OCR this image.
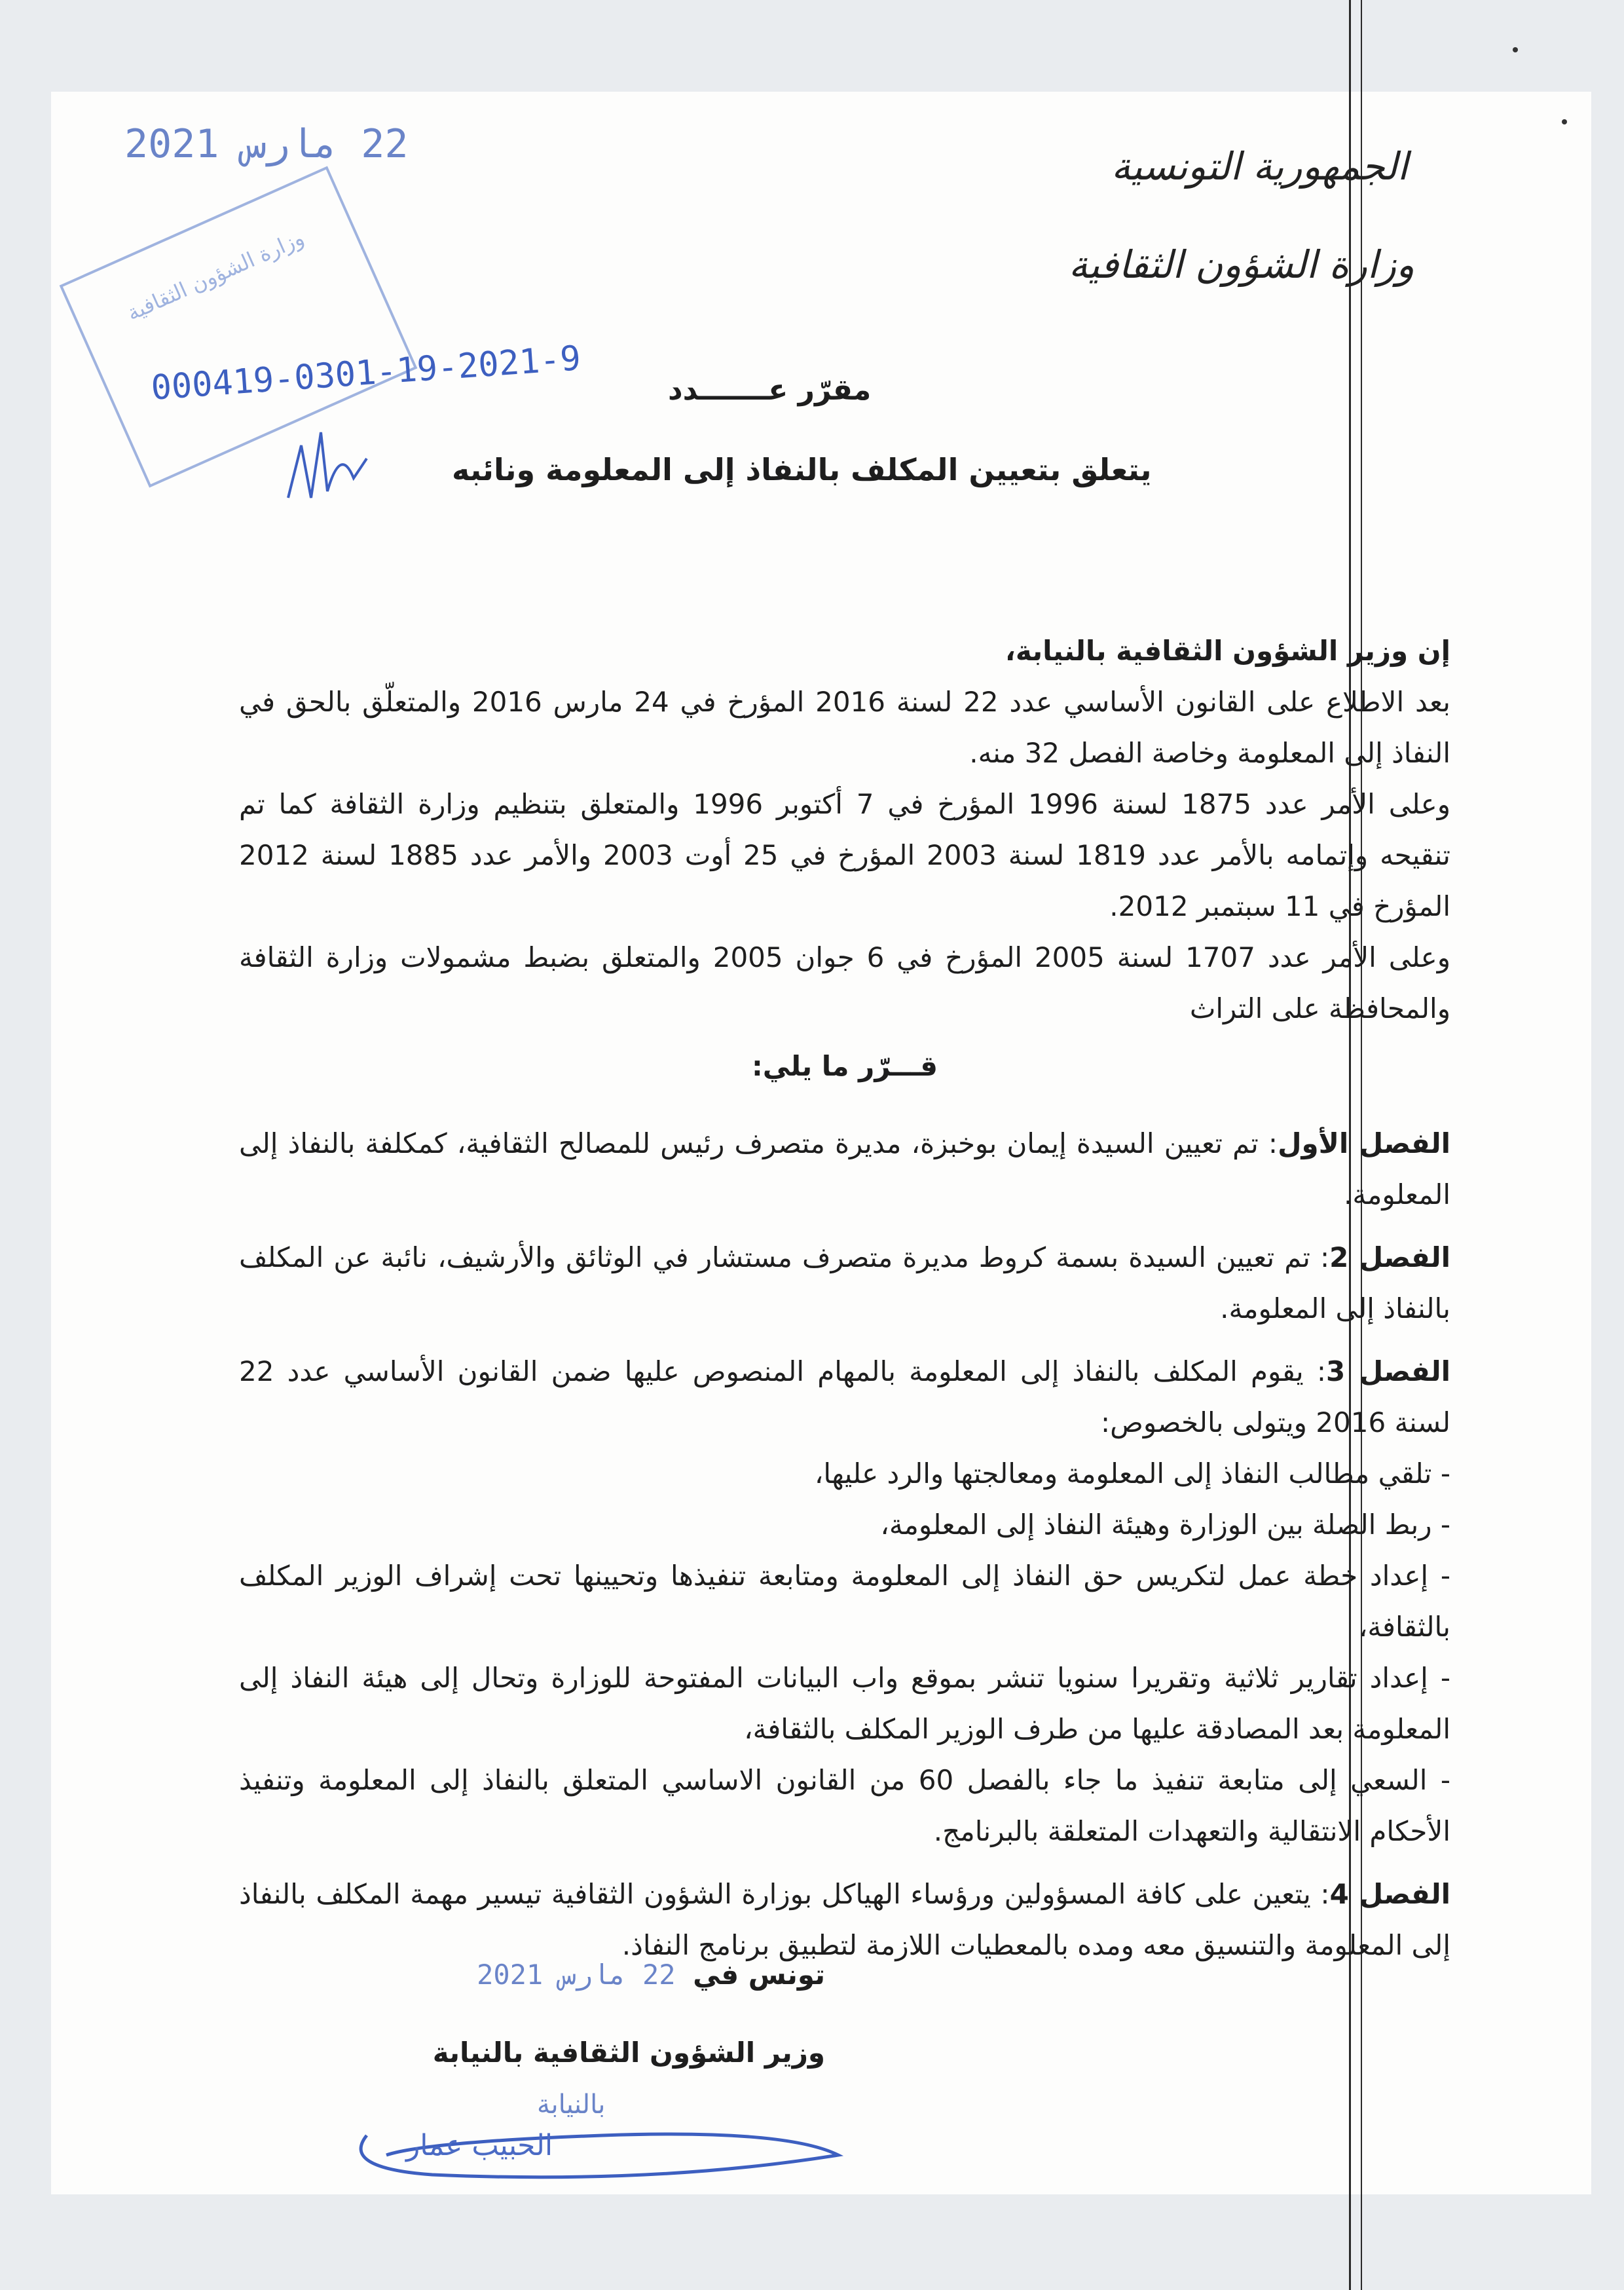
الجمهورية التونسية
وزارة الشؤون الثقافية
22 مارس 2021
وزارة الشؤون الثقافية
000419-0301-19-2021-9	مقرّر عـــــــدد
يتعلق بتعيين المكلف بالنفاذ إلى المعلومة ونائبه

إن وزير الشؤون الثقافية بالنيابة،

بعد الاطلاع على القانون الأساسي عدد 22 لسنة 2016 المؤرخ في 24 مارس 2016 والمتعلّق بالحق في النفاذ إلى المعلومة وخاصة الفصل 32 منه.

وعلى الأمر عدد 1875 لسنة 1996 المؤرخ في 7 أكتوبر 1996 والمتعلق بتنظيم وزارة الثقافة كما تم تنقيحه وإتمامه بالأمر عدد 1819 لسنة 2003 المؤرخ في 25 أوت 2003 والأمر عدد 1885 لسنة 2012 المؤرخ في 11 سبتمبر 2012.

وعلى الأمر عدد 1707 لسنة 2005 المؤرخ في 6 جوان 2005 والمتعلق بضبط مشمولات وزارة الثقافة والمحافظة على التراث

قـــرّر ما يلي:

الفصل الأول: تم تعيين السيدة إيمان بوخبزة، مديرة متصرف رئيس للمصالح الثقافية، كمكلفة بالنفاذ إلى المعلومة.

الفصل 2: تم تعيين السيدة بسمة كروط مديرة متصرف مستشار في الوثائق والأرشيف، نائبة عن المكلف بالنفاذ إلى المعلومة.

الفصل 3: يقوم المكلف بالنفاذ إلى المعلومة بالمهام المنصوص عليها ضمن القانون الأساسي عدد 22 لسنة 2016 ويتولى بالخصوص:

- تلقي مطالب النفاذ إلى المعلومة ومعالجتها والرد عليها،

- ربط الصلة بين الوزارة وهيئة النفاذ إلى المعلومة،

- إعداد خطة عمل لتكريس حق النفاذ إلى المعلومة ومتابعة تنفيذها وتحيينها تحت إشراف الوزير المكلف بالثقافة،

- إعداد تقارير ثلاثية وتقريرا سنويا تنشر بموقع واب البيانات المفتوحة للوزارة وتحال إلى هيئة النفاذ إلى المعلومة بعد المصادقة عليها من طرف الوزير المكلف بالثقافة،

- السعي إلى متابعة تنفيذ ما جاء بالفصل 60 من القانون الاساسي المتعلق بالنفاذ إلى المعلومة وتنفيذ الأحكام الانتقالية والتعهدات المتعلقة بالبرنامج.

الفصل 4: يتعين على كافة المسؤولين ورؤساء الهياكل بوزارة الشؤون الثقافية تيسير مهمة المكلف بالنفاذ إلى المعلومة والتنسيق معه ومده بالمعطيات اللازمة لتطبيق برنامج النفاذ.

تونس في 22 مارس 2021
وزير الشؤون الثقافية بالنيابة
بالنيابة
الحبيب عمار
